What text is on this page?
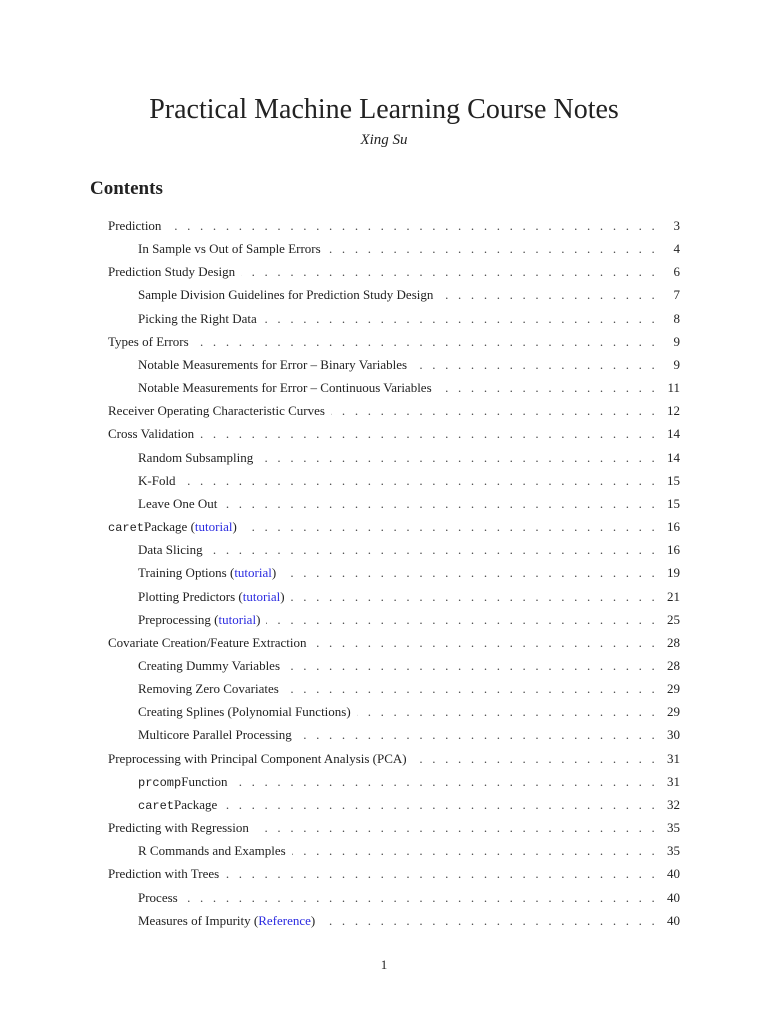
Practical Machine Learning Course Notes
Xing Su
Contents
Prediction . . .	3
In Sample vs Out of Sample Errors . . .	4
Prediction Study Design . . .	6
Sample Division Guidelines for Prediction Study Design . . .	7
Picking the Right Data . . .	8
Types of Errors . . .	9
Notable Measurements for Error – Binary Variables . . .	9
Notable Measurements for Error – Continuous Variables . . .	11
Receiver Operating Characteristic Curves . . .	12
Cross Validation . . .	14
Random Subsampling . . .	14
K-Fold . . .	15
Leave One Out . . .	15
caret Package ( tutorial ) . . .	16
Data Slicing . . .	16
Training Options ( tutorial ) . . .	19
Plotting Predictors ( tutorial ) . . .	21
Preprocessing ( tutorial ) . . .	25
Covariate Creation/Feature Extraction . . .	28
Creating Dummy Variables . . .	28
Removing Zero Covariates . . .	29
Creating Splines (Polynomial Functions) . . .	29
Multicore Parallel Processing . . .	30
Preprocessing with Principal Component Analysis (PCA) . . .	31
prcomp Function . . .	31
caret Package . . .	32
Predicting with Regression . . .	35
R Commands and Examples . . .	35
Prediction with Trees . . .	40
Process . . .	40
Measures of Impurity ( Reference ) . . .	40
1
